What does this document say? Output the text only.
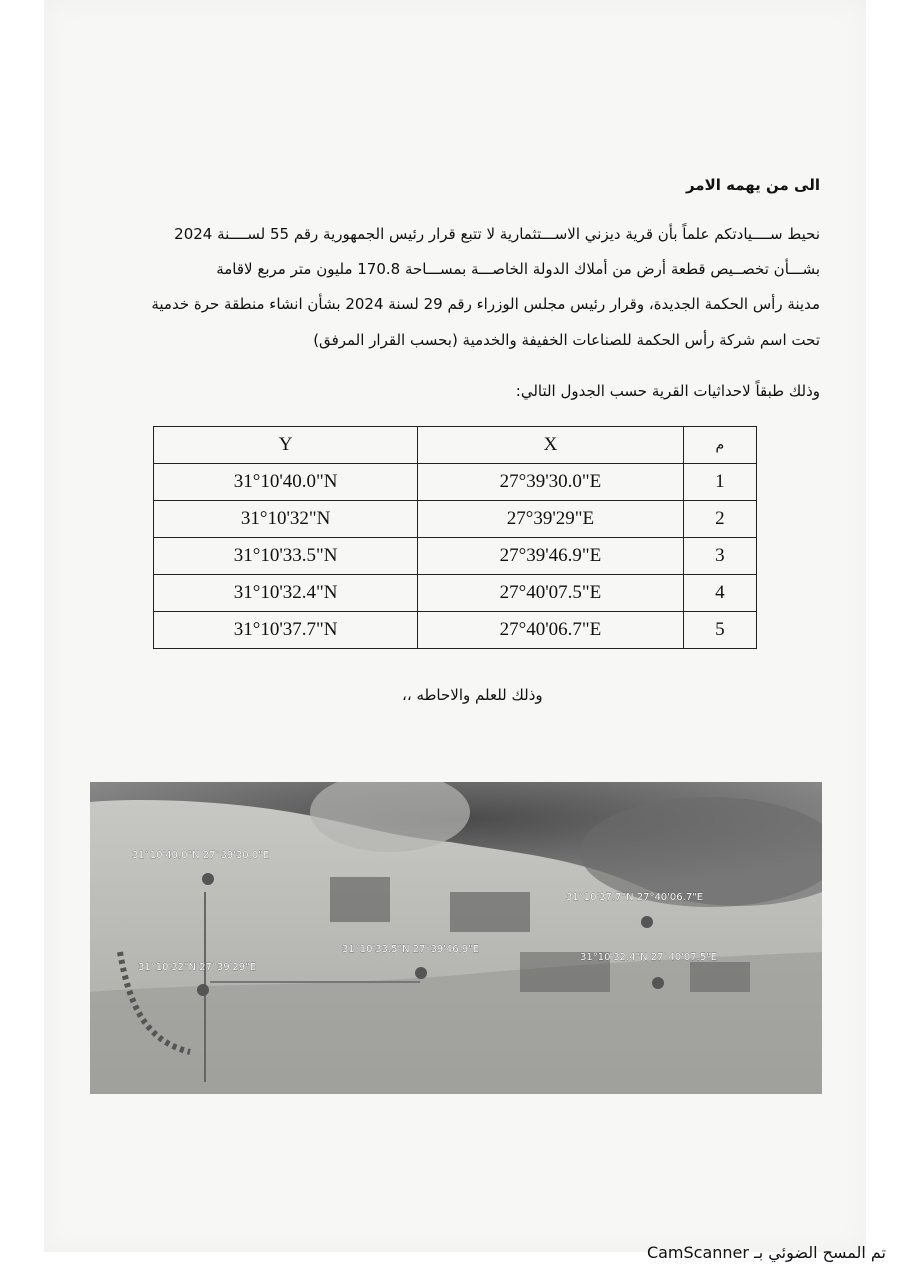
الى من يهمه الامر
نحيط ســــيادتكم علماً بأن قرية ديزني الاســـتثمارية لا تتبع قرار رئيس الجمهورية رقم 55 لســــنة 2024
بشـــأن تخصــيص قطعة أرض من أملاك الدولة الخاصـــة بمســـاحة 170.8 مليون متر مربع لاقامة
مدينة رأس الحكمة الجديدة، وقرار رئيس مجلس الوزراء رقم 29 لسنة 2024 بشأن انشاء منطقة حرة خدمية
تحت اسم شركة رأس الحكمة للصناعات الخفيفة والخدمية (بحسب القرار المرفق)
وذلك طبقاً لاحداثيات القرية حسب الجدول التالي:
Y	X	م
31°10'40.0"N	27°39'30.0"E	1
31°10'32"N	27°39'29"E	2
31°10'33.5"N	27°39'46.9"E	3
31°10'32.4"N	27°40'07.5"E	4
31°10'37.7"N	27°40'06.7"E	5
وذلك للعلم والاحاطه ،،
31°10'40.0"N 27°39'30.0"E
31°10'32"N 27°39'29"E
31°10'33.5"N 27°39'46.9"E
31°10'37.7"N 27°40'06.7"E
31°10'32.4"N 27°40'07.5"E
تم المسح الضوئي بـ CamScanner
